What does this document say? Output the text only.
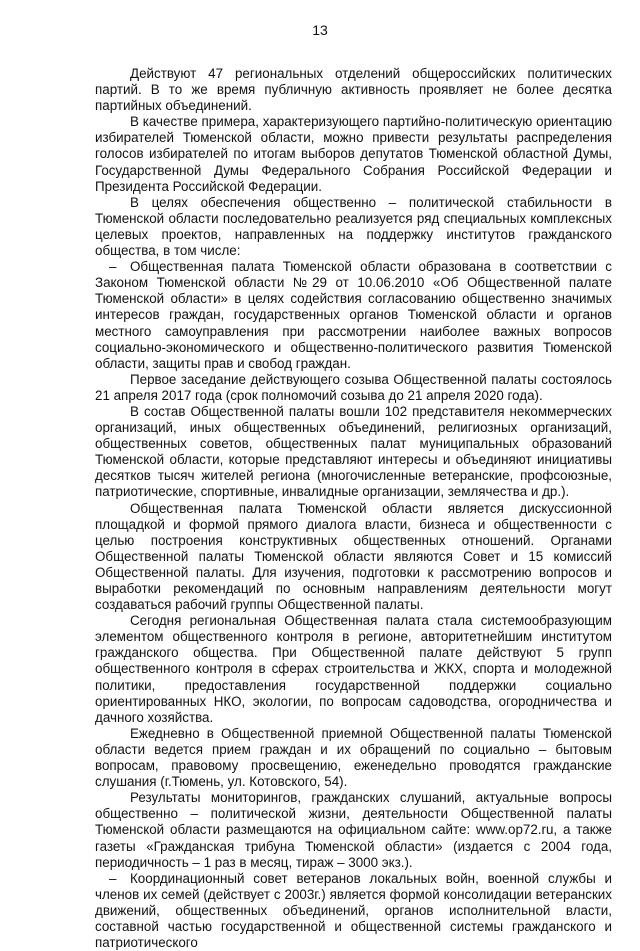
13

Действуют 47 региональных отделений общероссийских политических партий. В то же время публичную активность проявляет не более десятка партийных объединений.

В качестве примера, характеризующего партийно-политическую ориентацию избирателей Тюменской области, можно привести результаты распределения голосов избирателей по итогам выборов депутатов Тюменской областной Думы, Государственной Думы Федерального Собрания Российской Федерации и Президента Российской Федерации.

В целях обеспечения общественно – политической стабильности в Тюменской области последовательно реализуется ряд специальных комплексных целевых проектов, направленных на поддержку институтов гражданского общества, в том числе:

– Общественная палата Тюменской области образована в соответствии с Законом Тюменской области №29 от 10.06.2010 «Об Общественной палате Тюменской области» в целях содействия согласованию общественно значимых интересов граждан, государственных органов Тюменской области и органов местного самоуправления при рассмотрении наиболее важных вопросов социально-экономического и общественно-политического развития Тюменской области, защиты прав и свобод граждан.

Первое заседание действующего созыва Общественной палаты состоялось 21 апреля 2017 года (срок полномочий созыва до 21 апреля 2020 года).

В состав Общественной палаты вошли 102 представителя некоммерческих организаций, иных общественных объединений, религиозных организаций, общественных советов, общественных палат муниципальных образований Тюменской области, которые представляют интересы и объединяют инициативы десятков тысяч жителей региона (многочисленные ветеранские, профсоюзные, патриотические, спортивные, инвалидные организации, землячества и др.).

Общественная палата Тюменской области является дискуссионной площадкой и формой прямого диалога власти, бизнеса и общественности с целью построения конструктивных общественных отношений. Органами Общественной палаты Тюменской области являются Совет и 15 комиссий Общественной палаты. Для изучения, подготовки к рассмотрению вопросов и выработки рекомендаций по основным направлениям деятельности могут создаваться рабочий группы Общественной палаты.

Сегодня региональная Общественная палата стала системообразующим элементом общественного контроля в регионе, авторитетнейшим институтом гражданского общества. При Общественной палате действуют 5 групп общественного контроля в сферах строительства и ЖКХ, спорта и молодежной политики, предоставления государственной поддержки социально ориентированных НКО, экологии, по вопросам садоводства, огородничества и дачного хозяйства.

Ежедневно в Общественной приемной Общественной палаты Тюменской области ведется прием граждан и их обращений по социально – бытовым вопросам, правовому просвещению, еженедельно проводятся гражданские слушания (г.Тюмень, ул. Котовского, 54).

Результаты мониторингов, гражданских слушаний, актуальные вопросы общественно – политической жизни, деятельности Общественной палаты Тюменской области размещаются на официальном сайте: www.op72.ru, а также газеты «Гражданская трибуна Тюменской области» (издается с 2004 года, периодичность – 1 раз в месяц, тираж – 3000 экз.).

– Координационный совет ветеранов локальных войн, военной службы и членов их семей (действует с 2003г.) является формой консолидации ветеранских движений, общественных объединений, органов исполнительной власти, составной частью государственной и общественной системы гражданского и патриотического
